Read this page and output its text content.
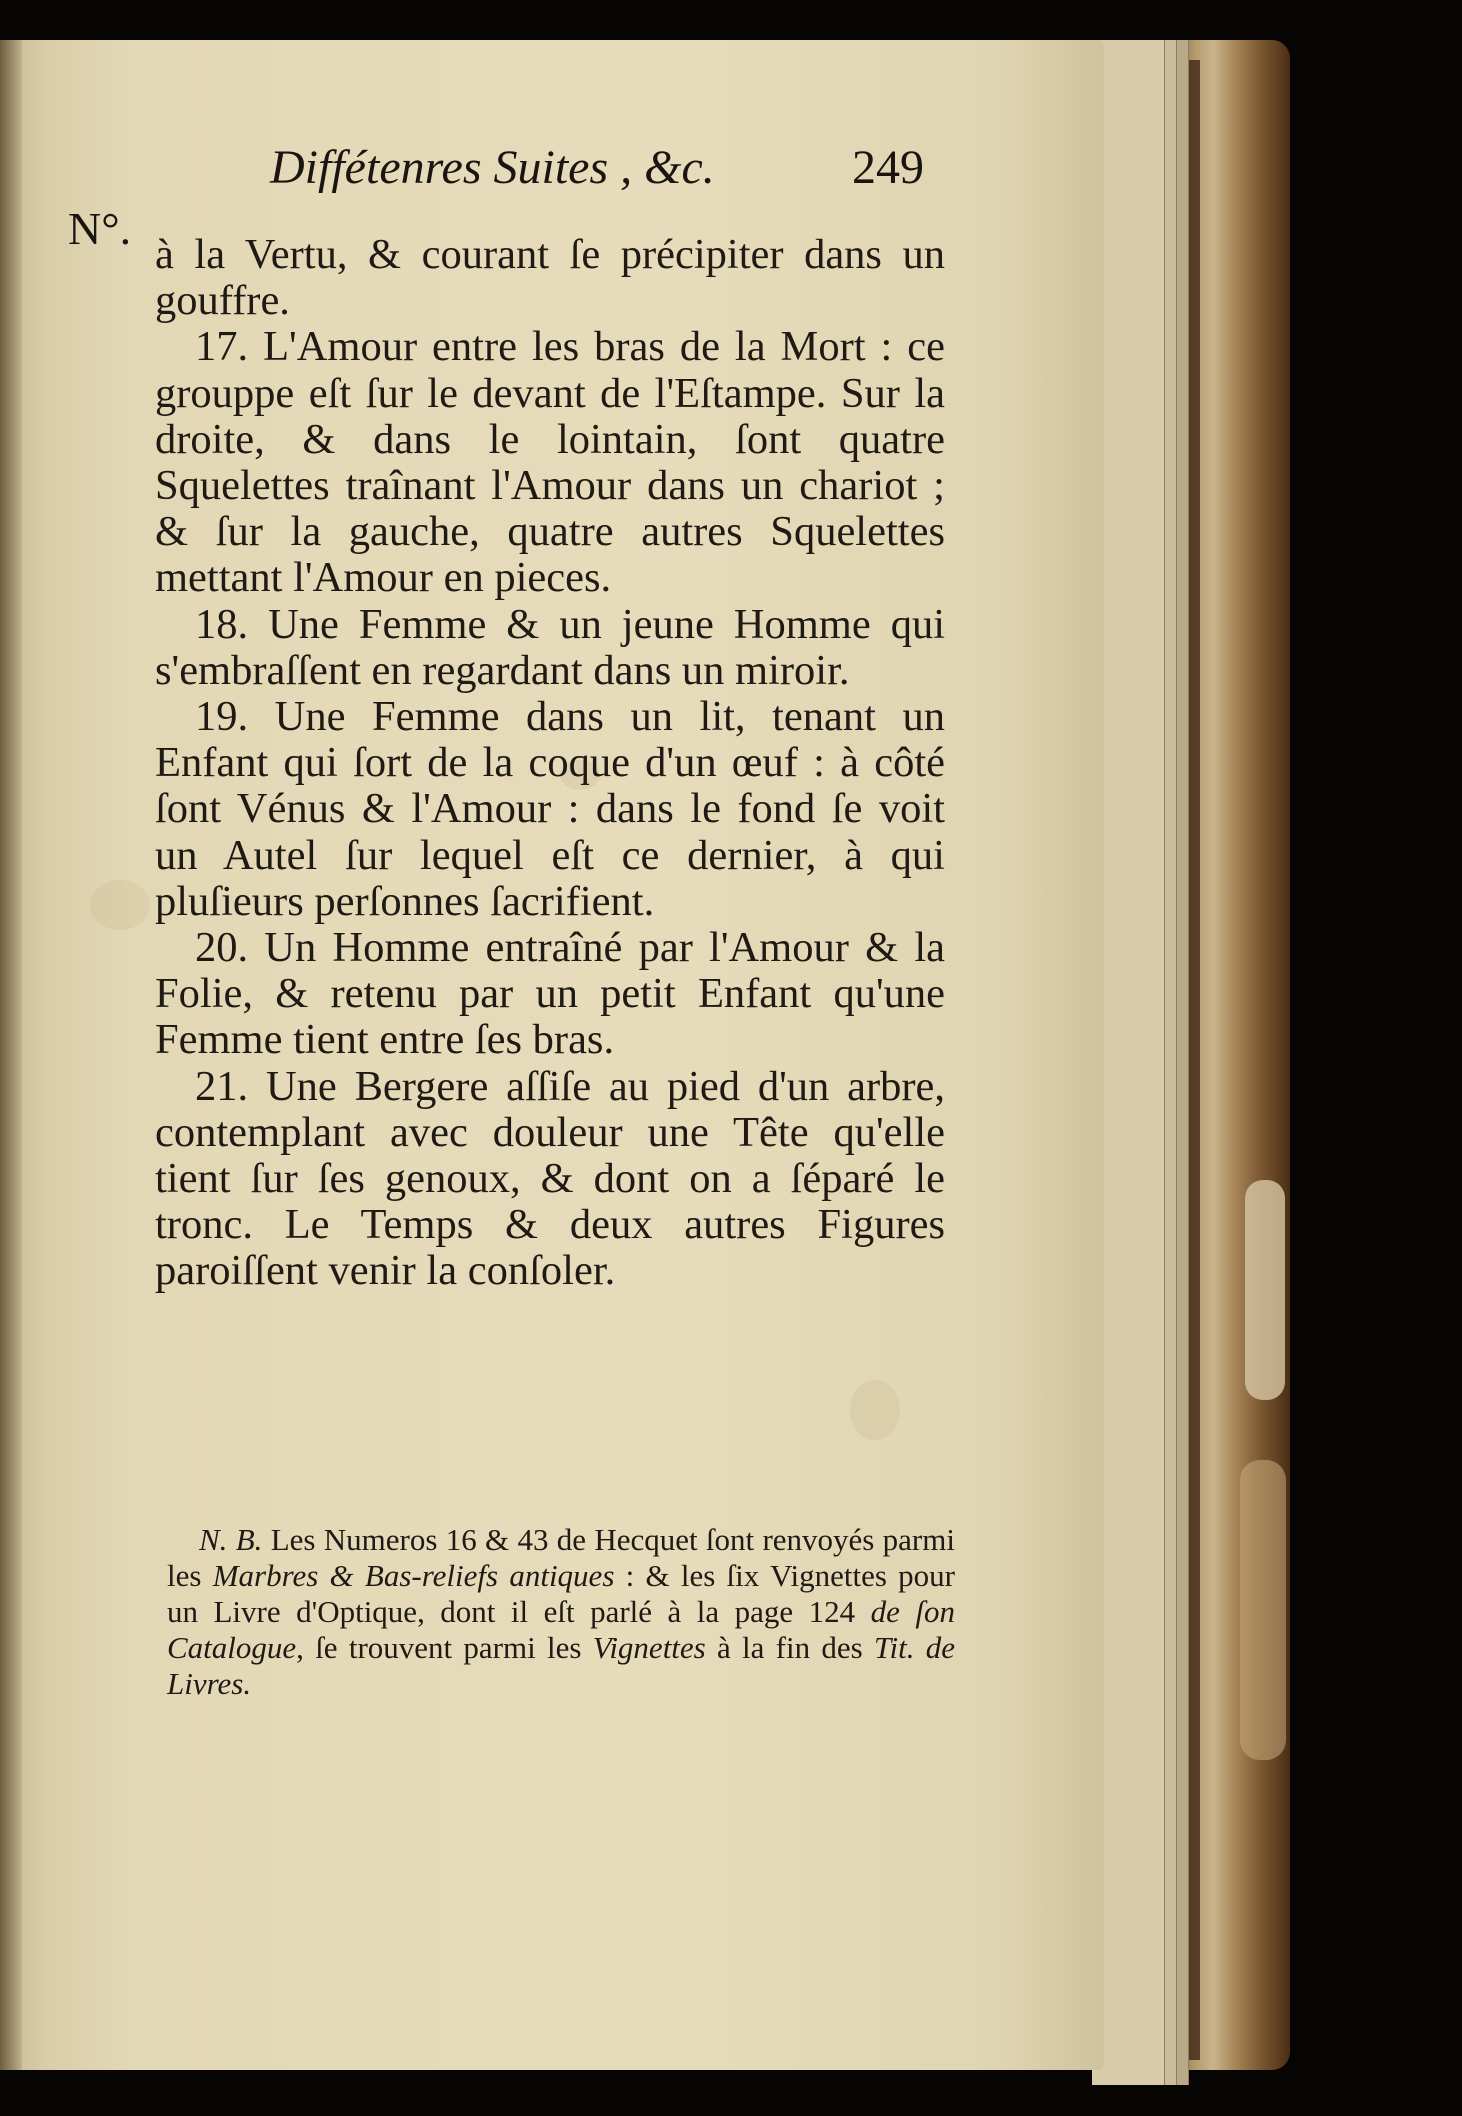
Diffétenres Suites , &c.	249
N°.

à la Vertu, & courant ſe précipiter dans un gouffre.

17. L'Amour entre les bras de la Mort : ce grouppe eſt ſur le devant de l'Eſtampe. Sur la droite, & dans le lointain, ſont quatre Squelettes traînant l'Amour dans un chariot ; & ſur la gauche, quatre autres Squelettes mettant l'Amour en pieces.

18. Une Femme & un jeune Homme qui s'embraſſent en regardant dans un miroir.

19. Une Femme dans un lit, tenant un Enfant qui ſort de la coque d'un œuf : à côté ſont Vénus & l'Amour : dans le fond ſe voit un Autel ſur lequel eſt ce dernier, à qui pluſieurs perſonnes ſacrifient.

20. Un Homme entraîné par l'Amour & la Folie, & retenu par un petit Enfant qu'une Femme tient entre ſes bras.

21. Une Bergere aſſiſe au pied d'un arbre, contemplant avec douleur une Tête qu'elle tient ſur ſes genoux, & dont on a ſéparé le tronc. Le Temps & deux autres Figures paroiſſent venir la conſoler.

N. B. Les Numeros 16 & 43 de Hecquet ſont renvoyés parmi les Marbres & Bas-reliefs antiques : & les ſix Vignettes pour un Livre d'Optique, dont il eſt parlé à la page 124 de ſon Catalogue, ſe trouvent parmi les Vignettes à la fin des Tit. de Livres.
